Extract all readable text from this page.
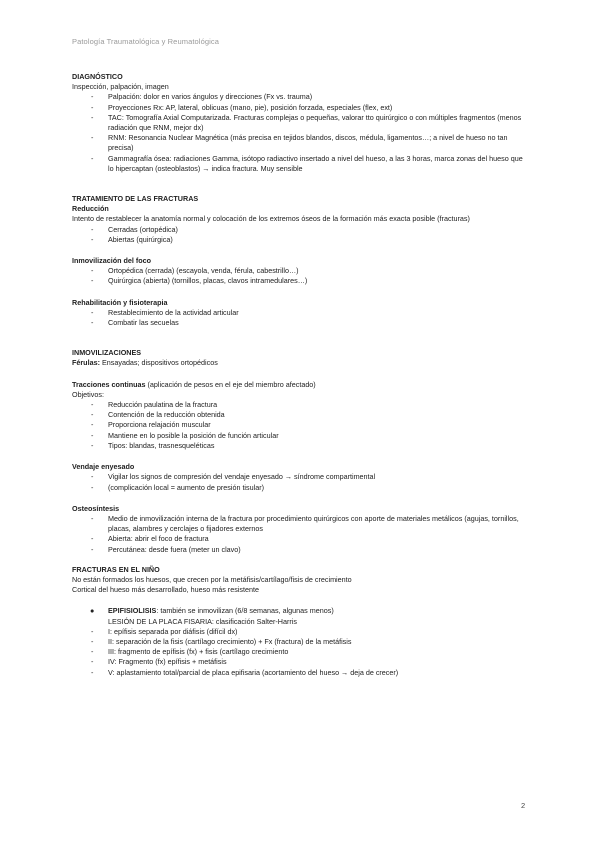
Patología Traumatológica y Reumatológica
DIAGNÓSTICO
Inspección, palpación, imagen
- Palpación: dolor en varios ángulos y direcciones (Fx vs. trauma)
- Proyecciones Rx: AP, lateral, oblicuas (mano, pie), posición forzada, especiales (flex, ext)
- TAC: Tomografía Axial Computarizada. Fracturas complejas o pequeñas, valorar tto quirúrgico o con múltiples fragmentos (menos radiación que RNM, mejor dx)
- RNM: Resonancia Nuclear Magnética (más precisa en tejidos blandos, discos, médula, ligamentos…; a nivel de hueso no tan precisa)
- Gammagrafía ósea: radiaciones Gamma, isótopo radiactivo insertado a nivel del hueso, a las 3 horas, marca zonas del hueso que lo hipercaptan (osteoblastos) → indica fractura. Muy sensible
TRATAMIENTO DE LAS FRACTURAS
Reducción
Intento de restablecer la anatomía normal y colocación de los extremos óseos de la formación más exacta posible (fracturas)
- Cerradas (ortopédica)
- Abiertas (quirúrgica)
Inmovilización del foco
- Ortopédica (cerrada) (escayola, venda, férula, cabestrillo…)
- Quirúrgica (abierta) (tornillos, placas, clavos intramedulares…)
Rehabilitación y fisioterapia
- Restablecimiento de la actividad articular
- Combatir las secuelas
INMOVILIZACIONES
Férulas: Ensayadas; dispositivos ortopédicos
Tracciones continuas (aplicación de pesos en el eje del miembro afectado)
Objetivos:
- Reducción paulatina de la fractura
- Contención de la reducción obtenida
- Proporciona relajación muscular
- Mantiene en lo posible la posición de función articular
- Tipos: blandas, trasnesqueléticas
Vendaje enyesado
- Vigilar los signos de compresión del vendaje enyesado → síndrome compartimental
- (complicación local = aumento de presión tisular)
Osteosíntesis
- Medio de inmovilización interna de la fractura por procedimiento quirúrgicos con aporte de materiales metálicos (agujas, tornillos, placas, alambres y cerclajes o fijadores externos
- Abierta: abrir el foco de fractura
- Percutánea: desde fuera (meter un clavo)
FRACTURAS EN EL NIÑO
No están formados los huesos, que crecen por la metáfisis/cartílago/fisis de crecimiento
Cortical del hueso más desarrollado, hueso más resistente
●	EPIFISIOLISIS: también se inmovilizan (6/8 semanas, algunas menos)
LESIÓN DE LA PLACA FISARIA: clasificación Salter-Harris
- I: epífisis separada por diáfisis (difícil dx)
- II: separación de la fisis (cartílago crecimiento) + Fx (fractura) de la metáfisis
- III: fragmento de epífisis (fx) + fisis (cartílago crecimiento
- IV: Fragmento (fx) epífisis + metáfisis
- V: aplastamiento total/parcial de placa epifisaria (acortamiento del hueso → deja de crecer)
2
